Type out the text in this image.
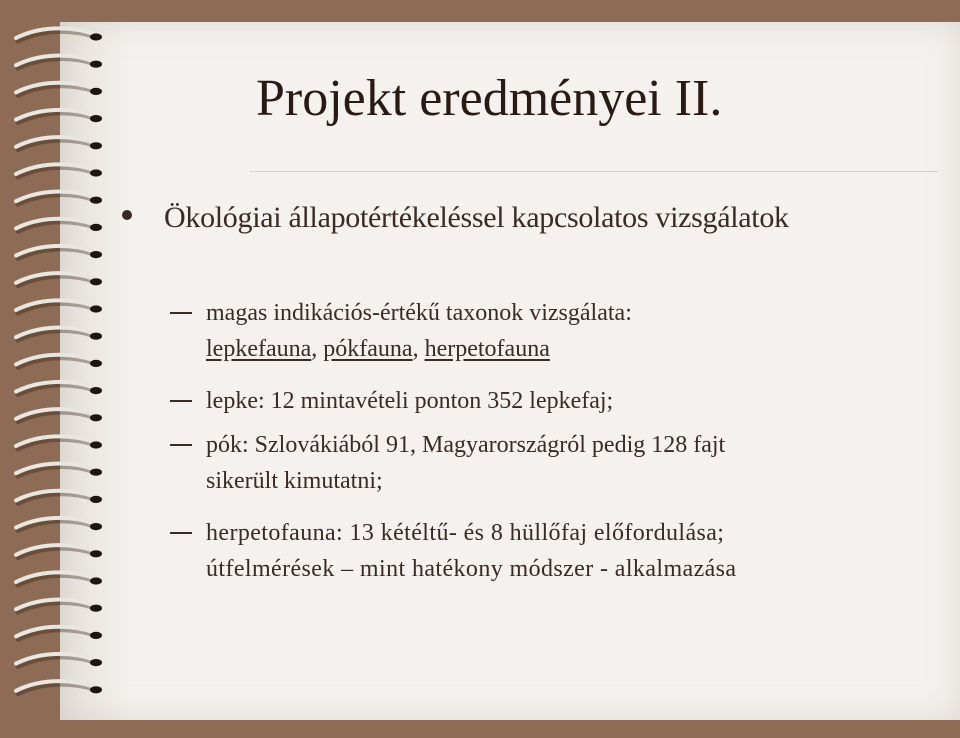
Projekt eredményei II.
Ökológiai állapotértékeléssel kapcsolatos vizsgálatok
magas indikációs-értékű taxonok vizsgálata:
lepkefauna, pókfauna, herpetofauna
lepke: 12 mintavételi ponton 352 lepkefaj;
pók: Szlovákiából 91, Magyarországról pedig 128 fajt
sikerült kimutatni;
herpetofauna: 13 kétéltű- és 8 hüllőfaj előfordulása;
útfelmérések – mint hatékony módszer - alkalmazása
